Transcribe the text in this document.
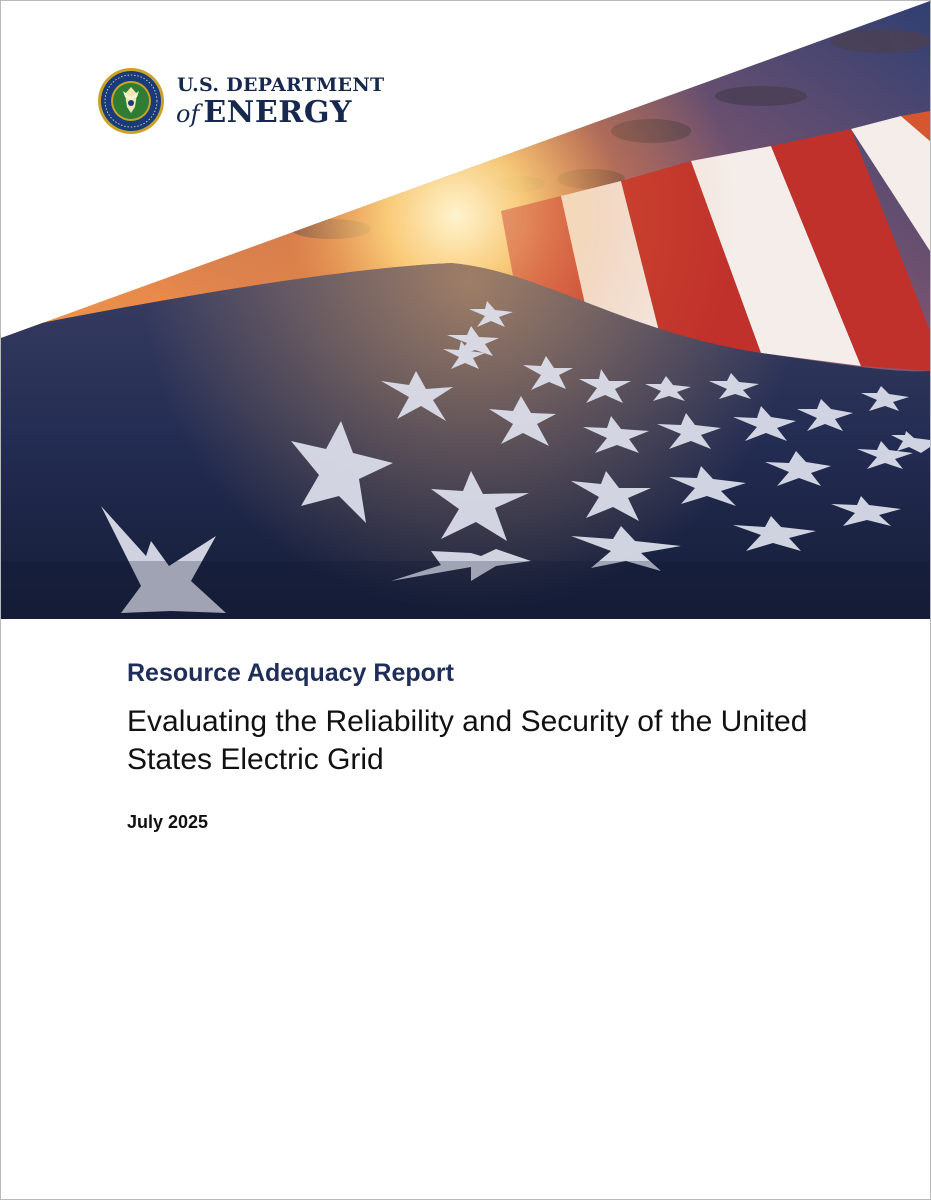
U.S. DEPARTMENT
of ENERGY
Resource Adequacy Report
Evaluating the Reliability and Security of the United States Electric Grid

July 2025
